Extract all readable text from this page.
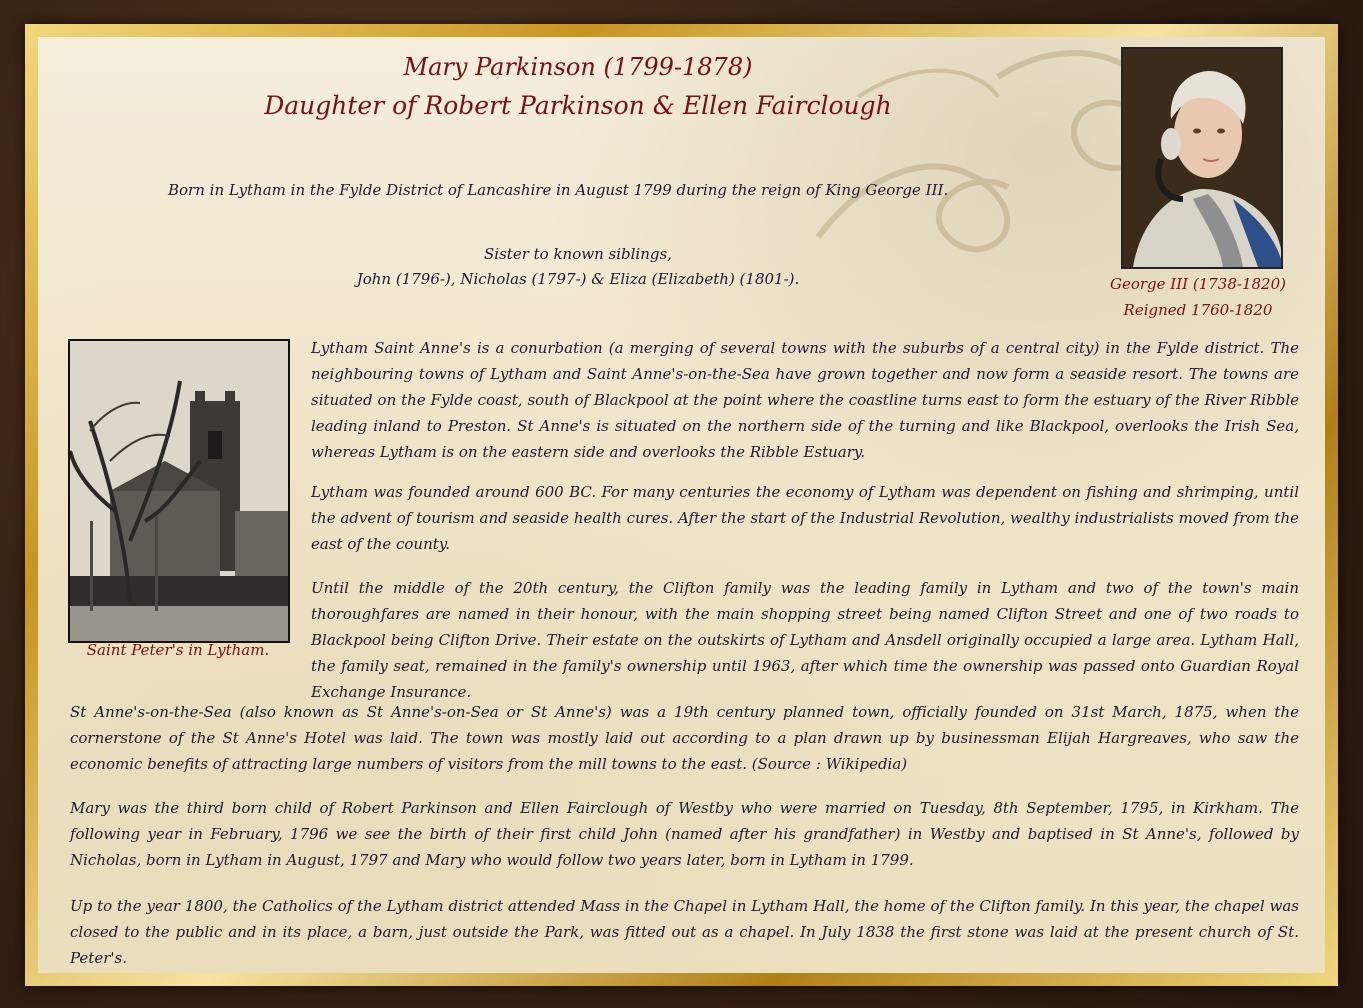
Mary Parkinson (1799-1878)
Daughter of Robert Parkinson & Ellen Fairclough
Born in Lytham in the Fylde District of Lancashire in August 1799 during the reign of King George III.
Sister to known siblings,
John (1796-), Nicholas (1797-) & Eliza (Elizabeth) (1801-).	George III (1738-1820)
Reigned 1760-1820
Saint Peter's in Lytham.
Lytham Saint Anne's is a conurbation (a merging of several towns with the suburbs of a central city) in the Fylde district. The neighbouring towns of Lytham and Saint Anne's-on-the-Sea have grown together and now form a seaside resort. The towns are situated on the Fylde coast, south of Blackpool at the point where the coastline turns east to form the estuary of the River Ribble leading inland to Preston. St Anne's is situated on the northern side of the turning and like Blackpool, overlooks the Irish Sea, whereas Lytham is on the eastern side and overlooks the Ribble Estuary.
Lytham was founded around 600 BC. For many centuries the economy of Lytham was dependent on fishing and shrimping, until the advent of tourism and seaside health cures. After the start of the Industrial Revolution, wealthy industrialists moved from the east of the county.
Until the middle of the 20th century, the Clifton family was the leading family in Lytham and two of the town's main thoroughfares are named in their honour, with the main shopping street being named Clifton Street and one of two roads to Blackpool being Clifton Drive. Their estate on the outskirts of Lytham and Ansdell originally occupied a large area. Lytham Hall, the family seat, remained in the family's ownership until 1963, after which time the ownership was passed onto Guardian Royal Exchange Insurance.
St Anne's-on-the-Sea (also known as St Anne's-on-Sea or St Anne's) was a 19th century planned town, officially founded on 31st March, 1875, when the cornerstone of the St Anne's Hotel was laid. The town was mostly laid out according to a plan drawn up by businessman Elijah Hargreaves, who saw the economic benefits of attracting large numbers of visitors from the mill towns to the east. (Source : Wikipedia)
Mary was the third born child of Robert Parkinson and Ellen Fairclough of Westby who were married on Tuesday, 8th September, 1795, in Kirkham. The following year in February, 1796 we see the birth of their first child John (named after his grandfather) in Westby and baptised in St Anne's, followed by Nicholas, born in Lytham in August, 1797 and Mary who would follow two years later, born in Lytham in 1799.
Up to the year 1800, the Catholics of the Lytham district attended Mass in the Chapel in Lytham Hall, the home of the Clifton family. In this year, the chapel was closed to the public and in its place, a barn, just outside the Park, was fitted out as a chapel. In July 1838 the first stone was laid at the present church of St. Peter's.
